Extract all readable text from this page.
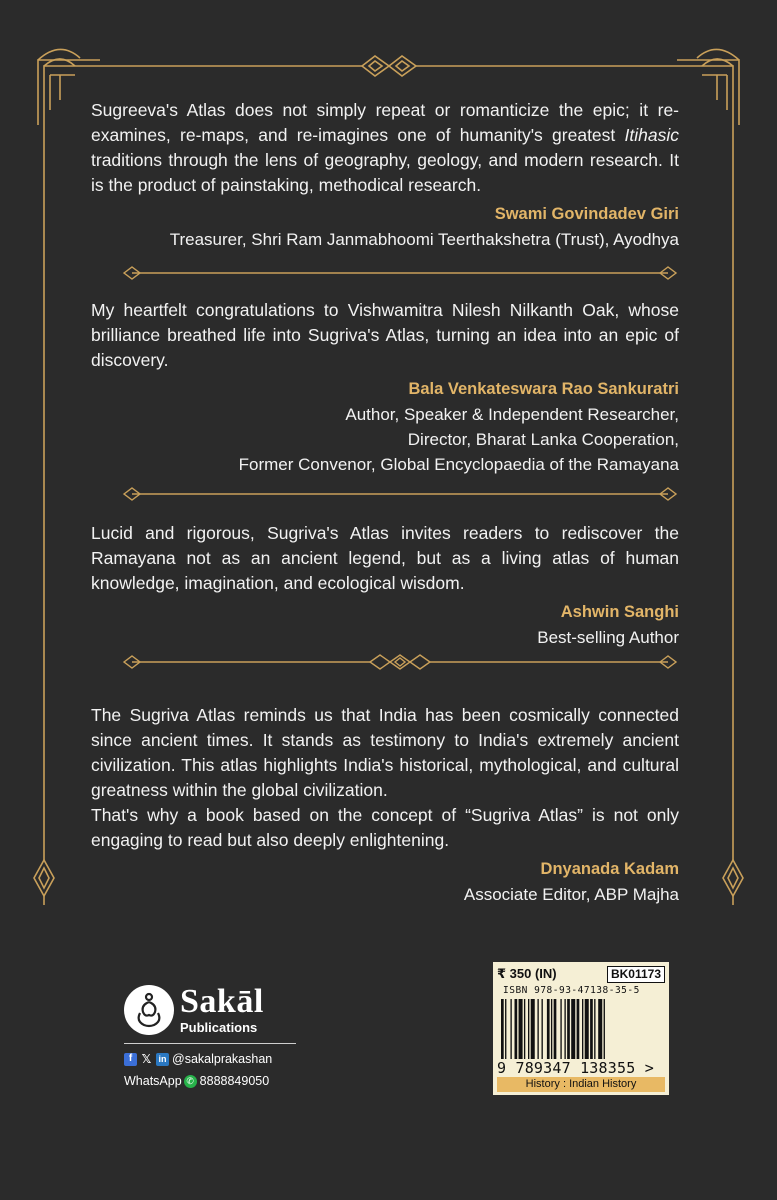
Sugreeva's Atlas does not simply repeat or romanticize the epic; it re-examines, re-maps, and re-imagines one of humanity's greatest Itihasic traditions through the lens of geography, geology, and modern research. It is the product of painstaking, methodical research.

Swami Govindadev Giri
Treasurer, Shri Ram Janmabhoomi Teerthakshetra (Trust), Ayodhya

My heartfelt congratulations to Vishwamitra Nilesh Nilkanth Oak, whose brilliance breathed life into Sugriva's Atlas, turning an idea into an epic of discovery.

Bala Venkateswara Rao Sankuratri
Author, Speaker & Independent Researcher,
Director, Bharat Lanka Cooperation,
Former Convenor, Global Encyclopaedia of the Ramayana

Lucid and rigorous, Sugriva's Atlas invites readers to rediscover the Ramayana not as an ancient legend, but as a living atlas of human knowledge, imagination, and ecological wisdom.

Ashwin Sanghi
Best-selling Author

The Sugriva Atlas reminds us that India has been cosmically connected since ancient times. It stands as testimony to India's extremely ancient civilization. This atlas highlights India's historical, mythological, and cultural greatness within the global civilization.

That's why a book based on the concept of “Sugriva Atlas” is not only engaging to read but also deeply enlightening.

Dnyanada Kadam
Associate Editor, ABP Majha
Sakāl
Publications
f 𝕏 in @sakalprakashan
WhatsApp ✆ 8888849050
₹ 350 (IN)	BK01173
ISBN 978-93-47138-35-5
9 789347 138355 >
History : Indian History
